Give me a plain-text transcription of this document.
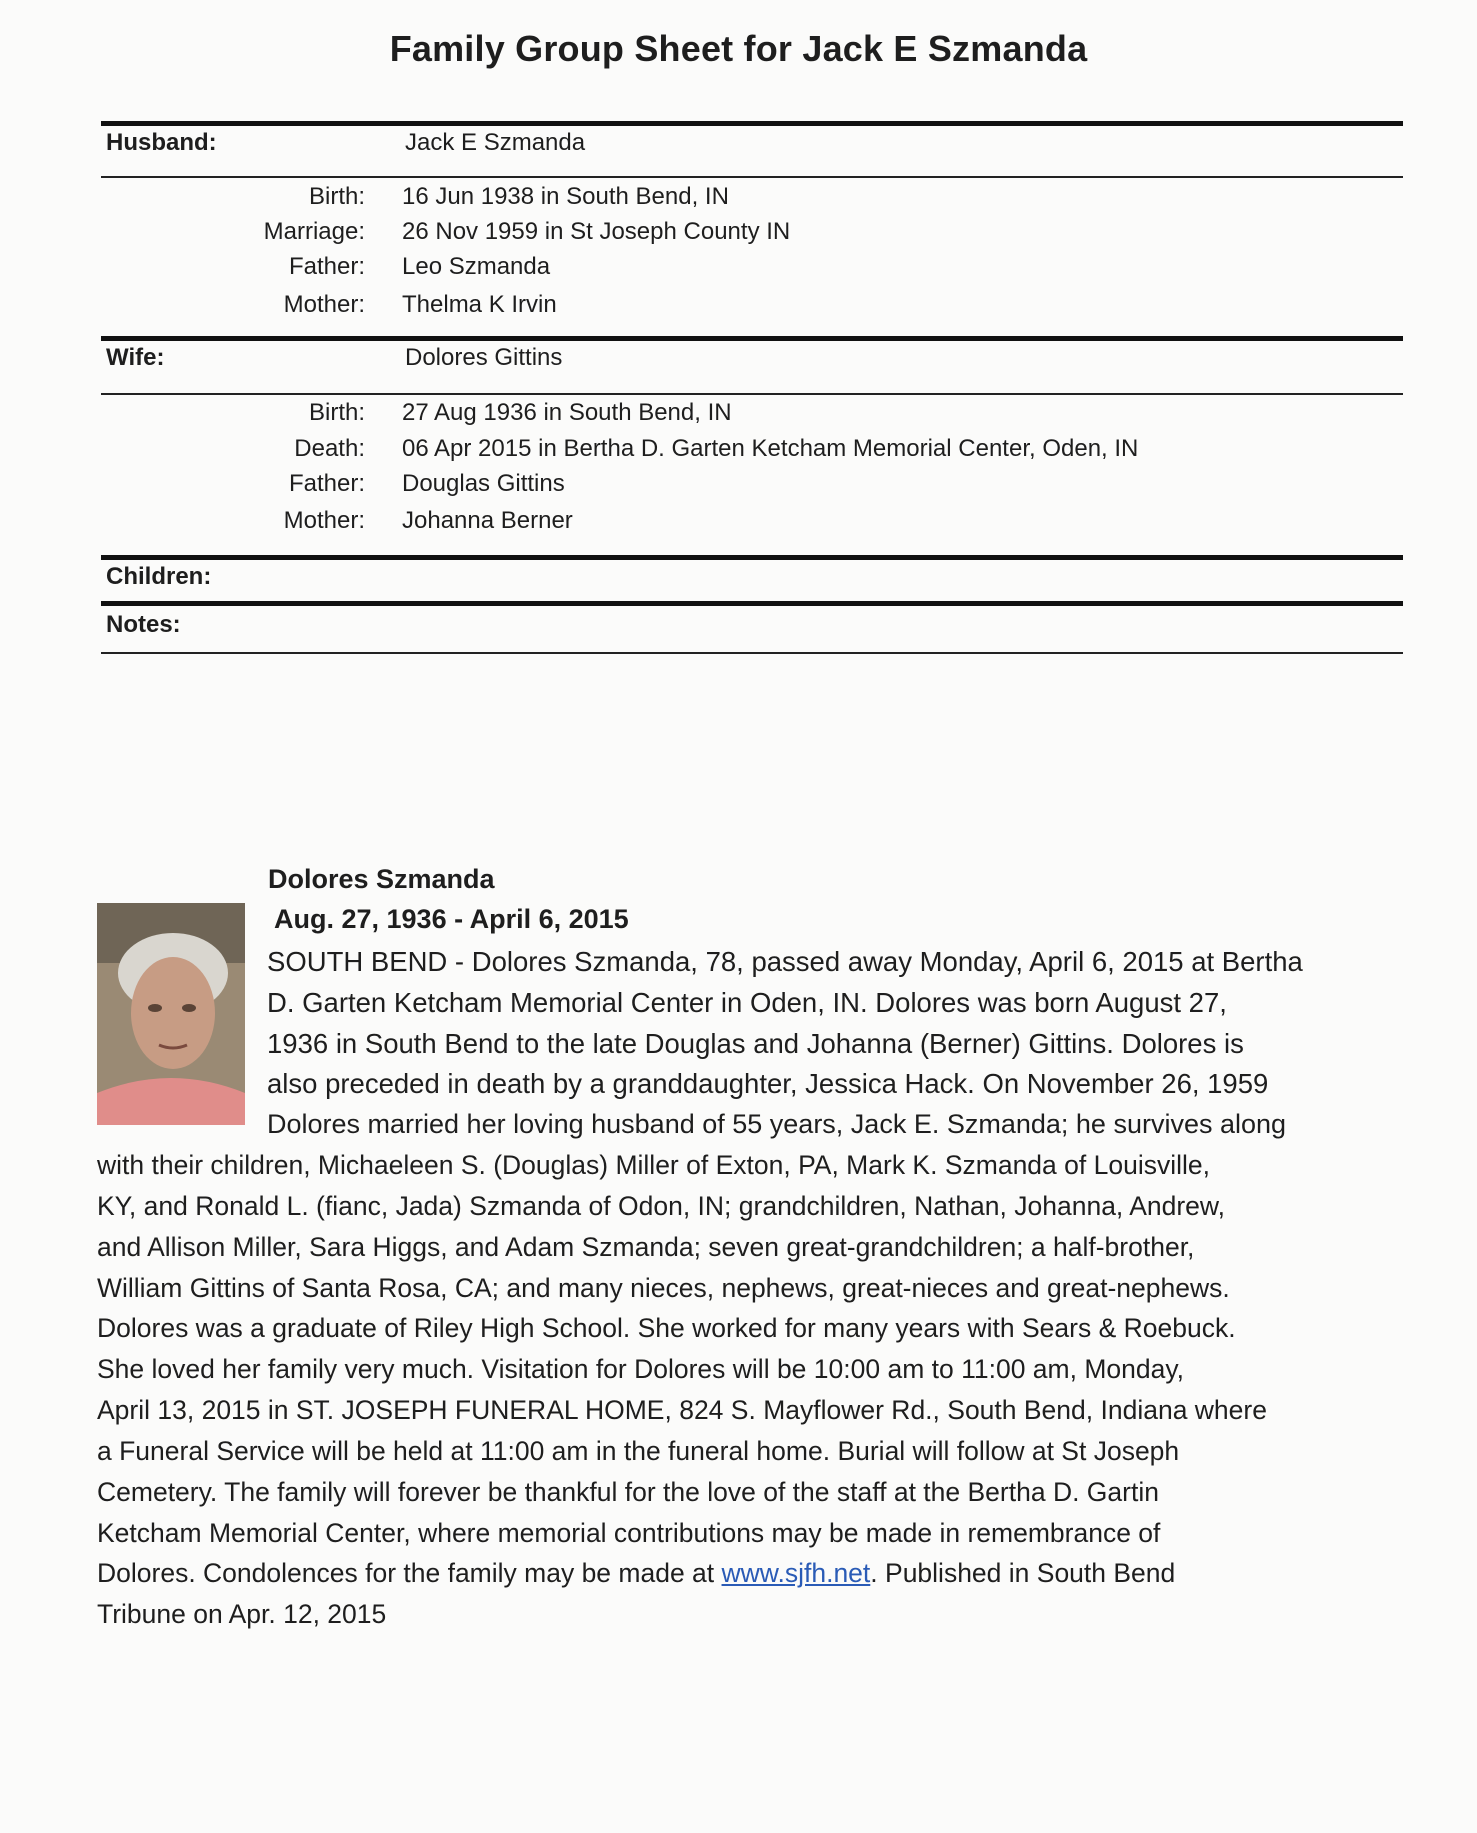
Family Group Sheet for Jack E Szmanda
Husband:	Jack E Szmanda
Birth: 16 Jun 1938 in South Bend, IN
Marriage: 26 Nov 1959 in St Joseph County IN
Father: Leo Szmanda
Mother: Thelma K Irvin
Wife:	Dolores Gittins
Birth: 27 Aug 1936 in South Bend, IN
Death: 06 Apr 2015 in Bertha D. Garten Ketcham Memorial Center, Oden, IN
Father: Douglas Gittins
Mother: Johanna Berner
Children:
Notes:
Dolores Szmanda
Aug. 27, 1936 - April 6, 2015
SOUTH BEND - Dolores Szmanda, 78, passed away Monday, April 6, 2015 at Bertha
D. Garten Ketcham Memorial Center in Oden, IN. Dolores was born August 27,
1936 in South Bend to the late Douglas and Johanna (Berner) Gittins. Dolores is
also preceded in death by a granddaughter, Jessica Hack. On November 26, 1959
Dolores married her loving husband of 55 years, Jack E. Szmanda; he survives along
with their children, Michaeleen S. (Douglas) Miller of Exton, PA, Mark K. Szmanda of Louisville,
KY, and Ronald L. (fianc, Jada) Szmanda of Odon, IN; grandchildren, Nathan, Johanna, Andrew,
and Allison Miller, Sara Higgs, and Adam Szmanda; seven great-grandchildren; a half-brother,
William Gittins of Santa Rosa, CA; and many nieces, nephews, great-nieces and great-nephews.
Dolores was a graduate of Riley High School. She worked for many years with Sears & Roebuck.
She loved her family very much. Visitation for Dolores will be 10:00 am to 11:00 am, Monday,
April 13, 2015 in ST. JOSEPH FUNERAL HOME, 824 S. Mayflower Rd., South Bend, Indiana where
a Funeral Service will be held at 11:00 am in the funeral home. Burial will follow at St Joseph
Cemetery. The family will forever be thankful for the love of the staff at the Bertha D. Gartin
Ketcham Memorial Center, where memorial contributions may be made in remembrance of
Dolores. Condolences for the family may be made at www.sjfh.net. Published in South Bend
Tribune on Apr. 12, 2015
